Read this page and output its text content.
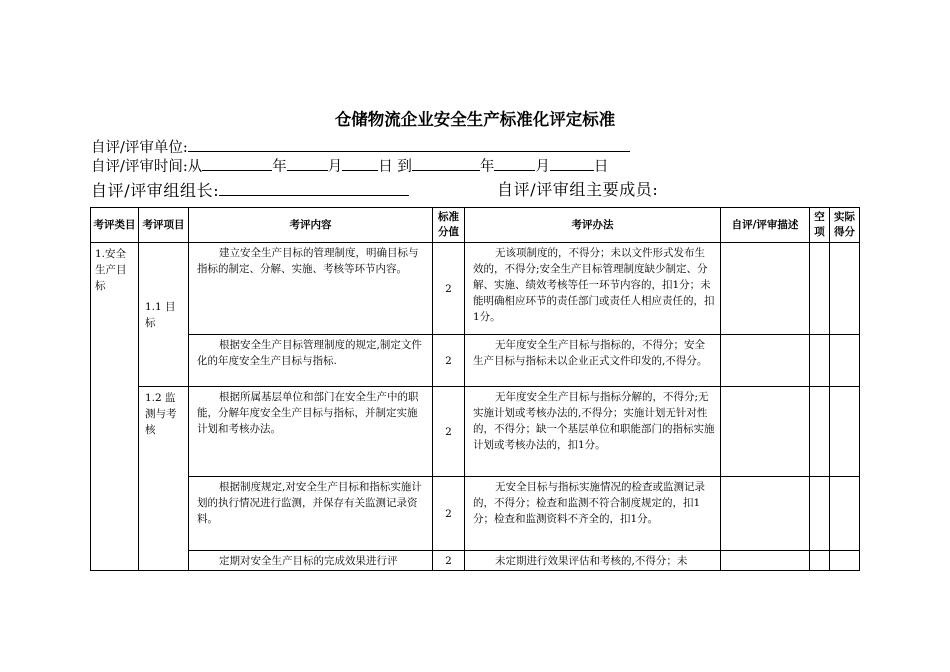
仓储物流企业安全生产标准化评定标准
自评/评审单位:
自评/评审时间:从	年	月 日 到	年	月	日
自评/评审组组长:	自评/评审组主要成员:
考评类目	考评项目	考评内容	标准分值	考评办法	自评/评审描述	空项	实际得分
1.安全生产目标	1.1 目标	建立安全生产目标的管理制度，明确目标与指标的制定、分解、实施、考核等环节内容。	2	无该项制度的，不得分；未以文件形式发布生效的，不得分;安全生产目标管理制度缺少制定、分解、实施、绩效考核等任一环节内容的，扣1分；未能明确相应环节的责任部门或责任人相应责任的，扣1分。			
		根据安全生产目标管理制度的规定,制定文件化的年度安全生产目标与指标.	2	无年度安全生产目标与指标的，不得分；安全生产目标与指标未以企业正式文件印发的,不得分。			
	1.2 监测与考核	根据所属基层单位和部门在安全生产中的职能，分解年度安全生产目标与指标，并制定实施计划和考核办法。	2	无年度安全生产目标与指标分解的，不得分;无实施计划或考核办法的,不得分；实施计划无针对性的，不得分；缺一个基层单位和职能部门的指标实施计划或考核办法的，扣1分。			
		根据制度规定,对安全生产目标和指标实施计划的执行情况进行监测，并保存有关监测记录资料。	2	无安全目标与指标实施情况的检查或监测记录的，不得分；检查和监测不符合制度规定的，扣1分；检查和监测资料不齐全的，扣1分。			
		定期对安全生产目标的完成效果进行评	2	未定期进行效果评估和考核的,不得分；未			
